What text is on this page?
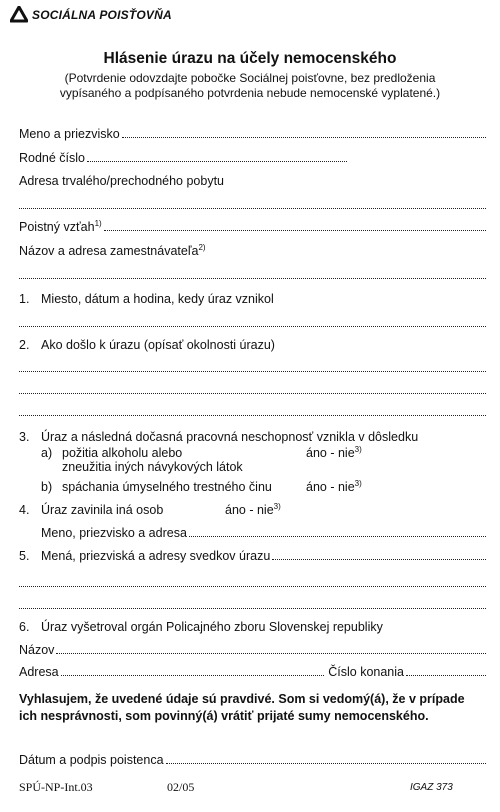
SOCIÁLNA POISŤOVŇA
Hlásenie úrazu na účely nemocenského
(Potvrdenie odovzdajte pobočke Sociálnej poisťovne, bez predloženia
vypísaného a podpísaného potvrdenia nebude nemocenské vyplatené.)
Meno a priezvisko
Rodné číslo
Adresa trvalého/prechodného pobytu
Poistný vzťah$^{1)}$
Názov a adresa zamestnávateľa$^{2)}$
1. Miesto, dátum a hodina, kedy úraz vznikol
2. Ako došlo k úrazu (opísať okolnosti úrazu)
3. Úraz a následná dočasná pracovná neschopnosť vznikla v dôsledku
a) požitia alkoholu alebo
zneužitia iných návykových látok
áno - nie$^{3)}$
b) spáchania úmyselného trestného činu	áno - nie$^{3)}$
4. Úraz zavinila iná osob	áno - nie$^{3)}$
Meno, priezvisko a adresa
5. Mená, priezviská a adresy svedkov úrazu
6. Úraz vyšetroval orgán Policajného zboru Slovenskej republiky
Názov
Adresa	Číslo konania
Vyhlasujem, že uvedené údaje sú pravdivé. Som si vedomý(á), že v prípade
ich nesprávnosti, som povinný(á) vrátiť prijaté sumy nemocenského.
Dátum a podpis poistenca
SPÚ-NP-Int.03	02/05	IGAZ 373
